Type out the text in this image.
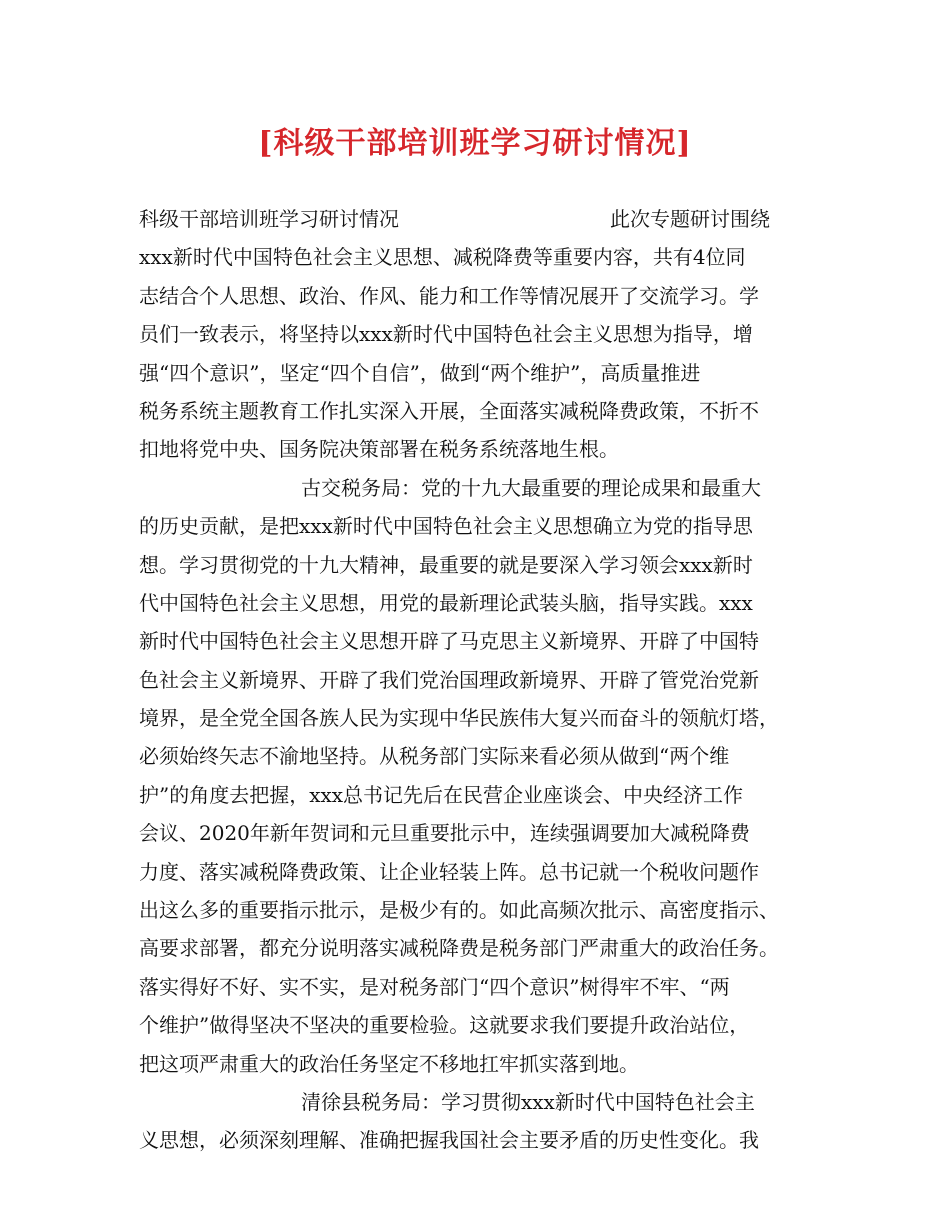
[科级干部培训班学习研讨情况]
科级干部培训班学习研讨情况	此次专题研讨围绕
xxx新时代中国特色社会主义思想、减税降费等重要内容，共有4位同
志结合个人思想、政治、作风、能力和工作等情况展开了交流学习。学
员们一致表示，将坚持以xxx新时代中国特色社会主义思想为指导，增
强“四个意识”，坚定“四个自信”，做到“两个维护”，高质量推进
税务系统主题教育工作扎实深入开展，全面落实减税降费政策，不折不
扣地将党中央、国务院决策部署在税务系统落地生根。
古交税务局：党的十九大最重要的理论成果和最重大
的历史贡献，是把xxx新时代中国特色社会主义思想确立为党的指导思
想。学习贯彻党的十九大精神，最重要的就是要深入学习领会xxx新时
代中国特色社会主义思想，用党的最新理论武装头脑，指导实践。xxx
新时代中国特色社会主义思想开辟了马克思主义新境界、开辟了中国特
色社会主义新境界、开辟了我们党治国理政新境界、开辟了管党治党新
境界，是全党全国各族人民为实现中华民族伟大复兴而奋斗的领航灯塔，
必须始终矢志不渝地坚持。从税务部门实际来看必须从做到“两个维
护”的角度去把握，xxx总书记先后在民营企业座谈会、中央经济工作
会议、2020年新年贺词和元旦重要批示中，连续强调要加大减税降费
力度、落实减税降费政策、让企业轻装上阵。总书记就一个税收问题作
出这么多的重要指示批示，是极少有的。如此高频次批示、高密度指示、
高要求部署，都充分说明落实减税降费是税务部门严肃重大的政治任务。
落实得好不好、实不实，是对税务部门“四个意识”树得牢不牢、“两
个维护”做得坚决不坚决的重要检验。这就要求我们要提升政治站位，
把这项严肃重大的政治任务坚定不移地扛牢抓实落到地。
清徐县税务局：学习贯彻xxx新时代中国特色社会主
义思想，必须深刻理解、准确把握我国社会主要矛盾的历史性变化。我
